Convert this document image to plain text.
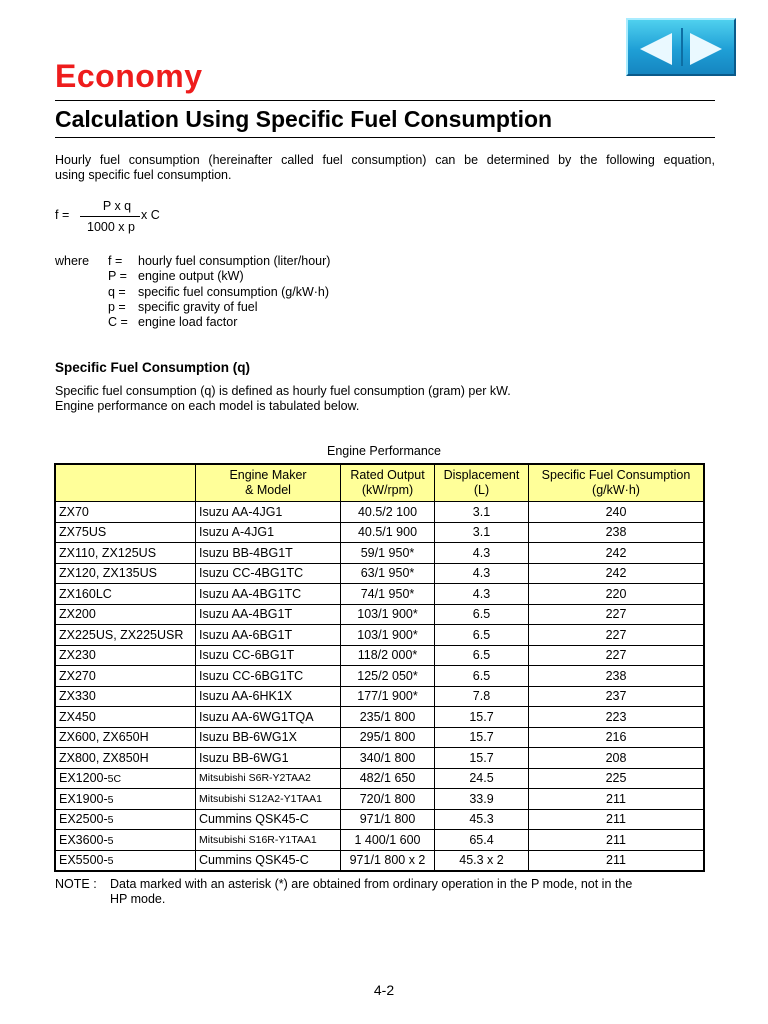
Economy
Calculation Using Specific Fuel Consumption
Hourly fuel consumption (hereinafter called fuel consumption) can be determined by the following equation,
using specific fuel consumption.
f =
P x q
1000 x p
x C
where f = hourly fuel consumption (liter/hour)
P = engine output (kW)
q = specific fuel consumption (g/kW·h)
p = specific gravity of fuel
C = engine load factor
Specific Fuel Consumption (q)
Specific fuel consumption (q) is defined as hourly fuel consumption (gram) per kW.
Engine performance on each model is tabulated below.
Engine Performance
	Engine Maker
& Model	Rated Output
(kW/rpm)	Displacement
(L)	Specific Fuel Consumption
(g/kW·h)
ZX70	Isuzu AA-4JG1	40.5/2 100	3.1	240
ZX75US	Isuzu A-4JG1	40.5/1 900	3.1	238
ZX110, ZX125US	Isuzu BB-4BG1T	59/1 950*	4.3	242
ZX120, ZX135US	Isuzu CC-4BG1TC	63/1 950*	4.3	242
ZX160LC	Isuzu AA-4BG1TC	74/1 950*	4.3	220
ZX200	Isuzu AA-4BG1T	103/1 900*	6.5	227
ZX225US, ZX225USR	Isuzu AA-6BG1T	103/1 900*	6.5	227
ZX230	Isuzu CC-6BG1T	118/2 000*	6.5	227
ZX270	Isuzu CC-6BG1TC	125/2 050*	6.5	238
ZX330	Isuzu AA-6HK1X	177/1 900*	7.8	237
ZX450	Isuzu AA-6WG1TQA	235/1 800	15.7	223
ZX600, ZX650H	Isuzu BB-6WG1X	295/1 800	15.7	216
ZX800, ZX850H	Isuzu BB-6WG1	340/1 800	15.7	208
EX1200-5C	Mitsubishi S6R-Y2TAA2	482/1 650	24.5	225
EX1900-5	Mitsubishi S12A2-Y1TAA1	720/1 800	33.9	211
EX2500-5	Cummins QSK45-C	971/1 800	45.3	211
EX3600-5	Mitsubishi S16R-Y1TAA1	1 400/1 600	65.4	211
EX5500-5	Cummins QSK45-C	971/1 800 x 2	45.3 x 2	211
NOTE : Data marked with an asterisk (*) are obtained from ordinary operation in the P mode, not in the
HP mode.
4-2
